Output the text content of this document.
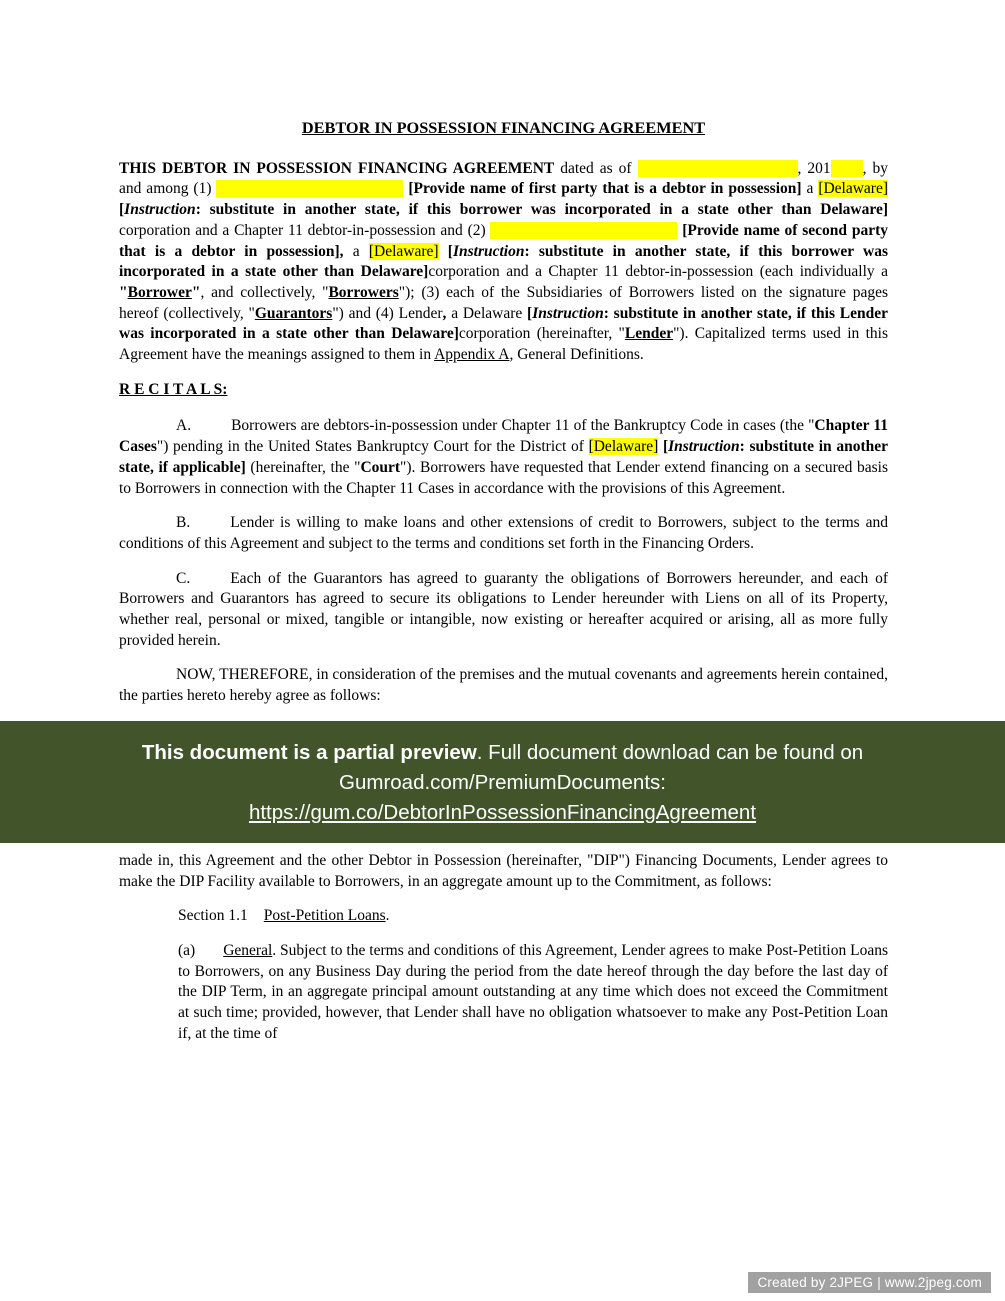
DEBTOR IN POSSESSION FINANCING AGREEMENT
THIS DEBTOR IN POSSESSION FINANCING AGREEMENT dated as of	, 201 , by and among (1)	[Provide name of first party that is a debtor in possession] a [Delaware] [Instruction: substitute in another state, if this borrower was incorporated in a state other than Delaware] corporation and a Chapter 11 debtor-in-possession and (2)	[Provide name of second party that is a debtor in possession], a [Delaware] [Instruction: substitute in another state, if this borrower was incorporated in a state other than Delaware]corporation and a Chapter 11 debtor-in-possession (each individually a "Borrower", and collectively, "Borrowers"); (3) each of the Subsidiaries of Borrowers listed on the signature pages hereof (collectively, "Guarantors") and (4) Lender, a Delaware [Instruction: substitute in another state, if this Lender was incorporated in a state other than Delaware]corporation (hereinafter, "Lender"). Capitalized terms used in this Agreement have the meanings assigned to them in Appendix A, General Definitions.
R E C I T A L S:
A.	Borrowers are debtors-in-possession under Chapter 11 of the Bankruptcy Code in cases (the "Chapter 11 Cases") pending in the United States Bankruptcy Court for the District of [Delaware] [Instruction: substitute in another state, if applicable] (hereinafter, the "Court"). Borrowers have requested that Lender extend financing on a secured basis to Borrowers in connection with the Chapter 11 Cases in accordance with the provisions of this Agreement.
B.	Lender is willing to make loans and other extensions of credit to Borrowers, subject to the terms and conditions of this Agreement and subject to the terms and conditions set forth in the Financing Orders.
C.	Each of the Guarantors has agreed to guaranty the obligations of Borrowers hereunder, and each of Borrowers and Guarantors has agreed to secure its obligations to Lender hereunder with Liens on all of its Property, whether real, personal or mixed, tangible or intangible, now existing or hereafter acquired or arising, all as more fully provided herein.
NOW, THEREFORE, in consideration of the premises and the mutual covenants and agreements herein contained, the parties hereto hereby agree as follows:
This document is a partial preview. Full document download can be found on Gumroad.com/PremiumDocuments:
https://gum.co/DebtorInPossessionFinancingAgreement
made in, this Agreement and the other Debtor in Possession (hereinafter, "DIP") Financing Documents, Lender agrees to make the DIP Facility available to Borrowers, in an aggregate amount up to the Commitment, as follows:
Section 1.1 Post-Petition Loans.
(a) General. Subject to the terms and conditions of this Agreement, Lender agrees to make Post-Petition Loans to Borrowers, on any Business Day during the period from the date hereof through the day before the last day of the DIP Term, in an aggregate principal amount outstanding at any time which does not exceed the Commitment at such time; provided, however, that Lender shall have no obligation whatsoever to make any Post-Petition Loan if, at the time of
Created by 2JPEG | www.2jpeg.com
